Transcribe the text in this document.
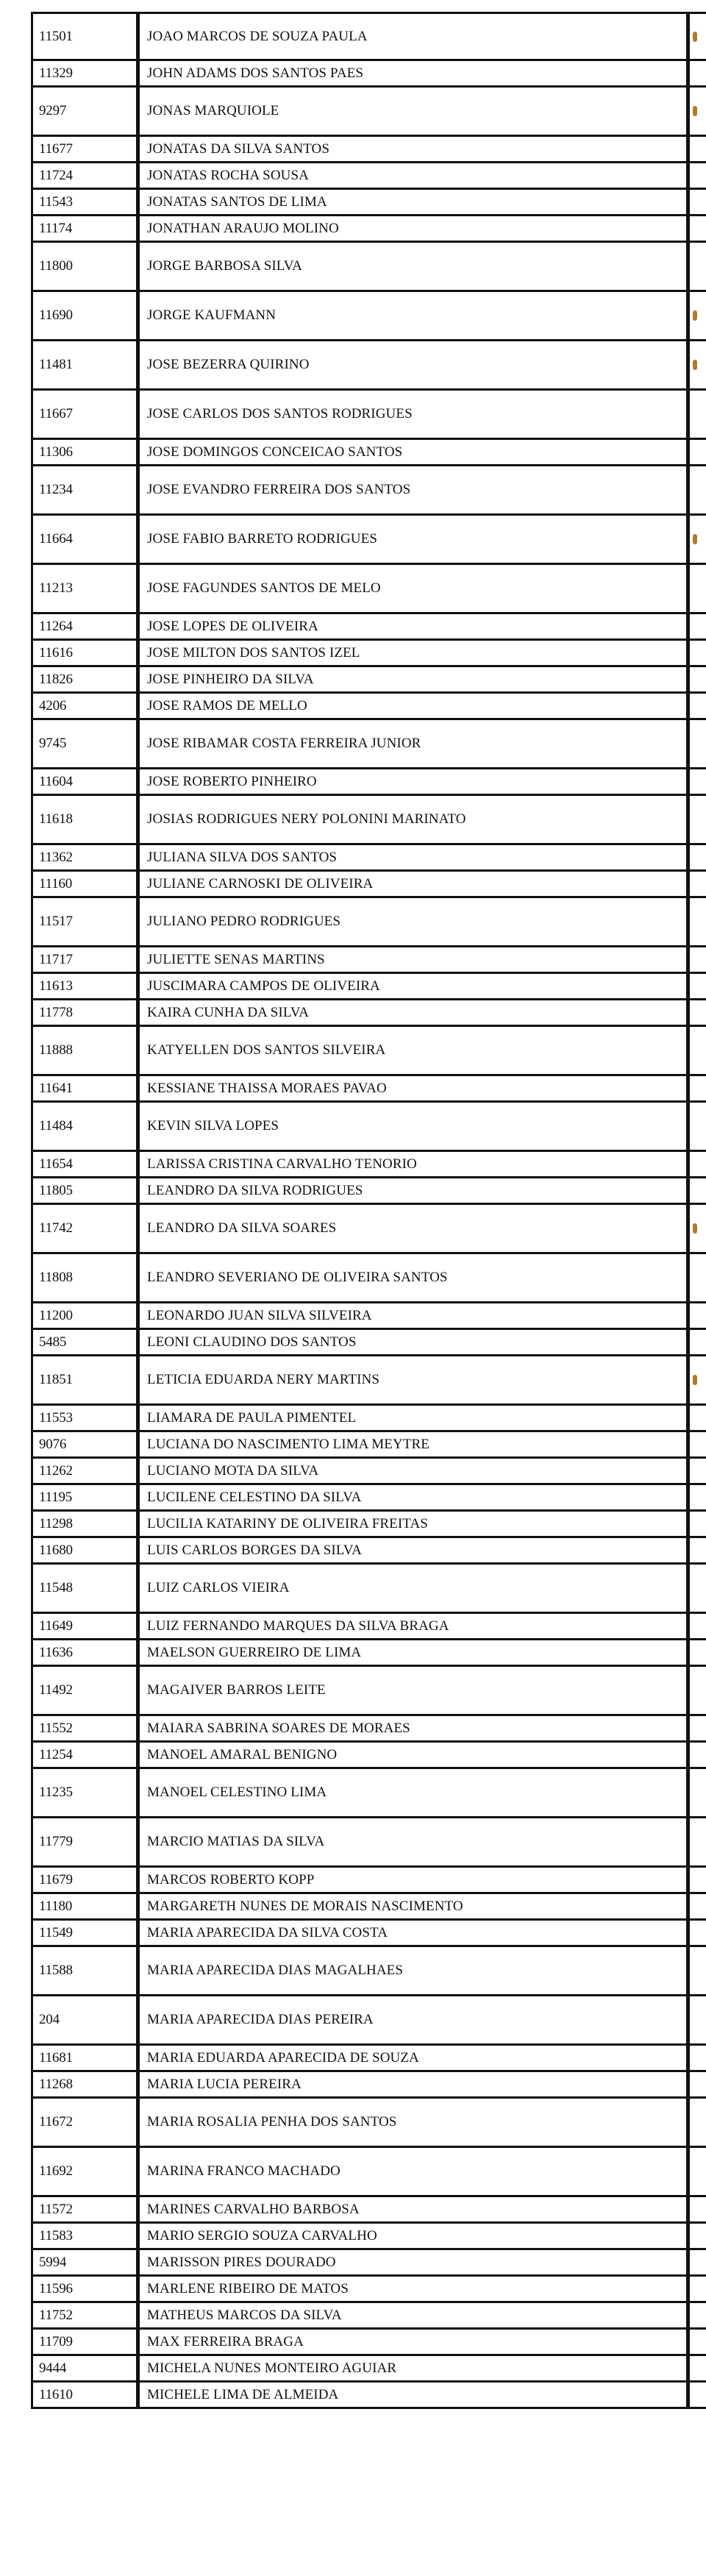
11501	JOAO MARCOS DE SOUZA PAULA
11329	JOHN ADAMS DOS SANTOS PAES
9297	JONAS MARQUIOLE
11677	JONATAS DA SILVA SANTOS
11724	JONATAS ROCHA SOUSA
11543	JONATAS SANTOS DE LIMA
11174	JONATHAN ARAUJO MOLINO
11800	JORGE BARBOSA SILVA
11690	JORGE KAUFMANN
11481	JOSE BEZERRA QUIRINO
11667	JOSE CARLOS DOS SANTOS RODRIGUES
11306	JOSE DOMINGOS CONCEICAO SANTOS
11234	JOSE EVANDRO FERREIRA DOS SANTOS
11664	JOSE FABIO BARRETO RODRIGUES
11213	JOSE FAGUNDES SANTOS DE MELO
11264	JOSE LOPES DE OLIVEIRA
11616	JOSE MILTON DOS SANTOS IZEL
11826	JOSE PINHEIRO DA SILVA
4206	JOSE RAMOS DE MELLO
9745	JOSE RIBAMAR COSTA FERREIRA JUNIOR
11604	JOSE ROBERTO PINHEIRO
11618	JOSIAS RODRIGUES NERY POLONINI MARINATO
11362	JULIANA SILVA DOS SANTOS
11160	JULIANE CARNOSKI DE OLIVEIRA
11517	JULIANO PEDRO RODRIGUES
11717	JULIETTE SENAS MARTINS
11613	JUSCIMARA CAMPOS DE OLIVEIRA
11778	KAIRA CUNHA DA SILVA
11888	KATYELLEN DOS SANTOS SILVEIRA
11641	KESSIANE THAISSA MORAES PAVAO
11484	KEVIN SILVA LOPES
11654	LARISSA CRISTINA CARVALHO TENORIO
11805	LEANDRO DA SILVA RODRIGUES
11742	LEANDRO DA SILVA SOARES
11808	LEANDRO SEVERIANO DE OLIVEIRA SANTOS
11200	LEONARDO JUAN SILVA SILVEIRA
5485	LEONI CLAUDINO DOS SANTOS
11851	LETICIA EDUARDA NERY MARTINS
11553	LIAMARA DE PAULA PIMENTEL
9076	LUCIANA DO NASCIMENTO LIMA MEYTRE
11262	LUCIANO MOTA DA SILVA
11195	LUCILENE CELESTINO DA SILVA
11298	LUCILIA KATARINY DE OLIVEIRA FREITAS
11680	LUIS CARLOS BORGES DA SILVA
11548	LUIZ CARLOS VIEIRA
11649	LUIZ FERNANDO MARQUES DA SILVA BRAGA
11636	MAELSON GUERREIRO DE LIMA
11492	MAGAIVER BARROS LEITE
11552	MAIARA SABRINA SOARES DE MORAES
11254	MANOEL AMARAL BENIGNO
11235	MANOEL CELESTINO LIMA
11779	MARCIO MATIAS DA SILVA
11679	MARCOS ROBERTO KOPP
11180	MARGARETH NUNES DE MORAIS NASCIMENTO
11549	MARIA APARECIDA DA SILVA COSTA
11588	MARIA APARECIDA DIAS MAGALHAES
204	MARIA APARECIDA DIAS PEREIRA
11681	MARIA EDUARDA APARECIDA DE SOUZA
11268	MARIA LUCIA PEREIRA
11672	MARIA ROSALIA PENHA DOS SANTOS
11692	MARINA FRANCO MACHADO
11572	MARINES CARVALHO BARBOSA
11583	MARIO SERGIO SOUZA CARVALHO
5994	MARISSON PIRES DOURADO
11596	MARLENE RIBEIRO DE MATOS
11752	MATHEUS MARCOS DA SILVA
11709	MAX FERREIRA BRAGA
9444	MICHELA NUNES MONTEIRO AGUIAR
11610	MICHELE LIMA DE ALMEIDA
